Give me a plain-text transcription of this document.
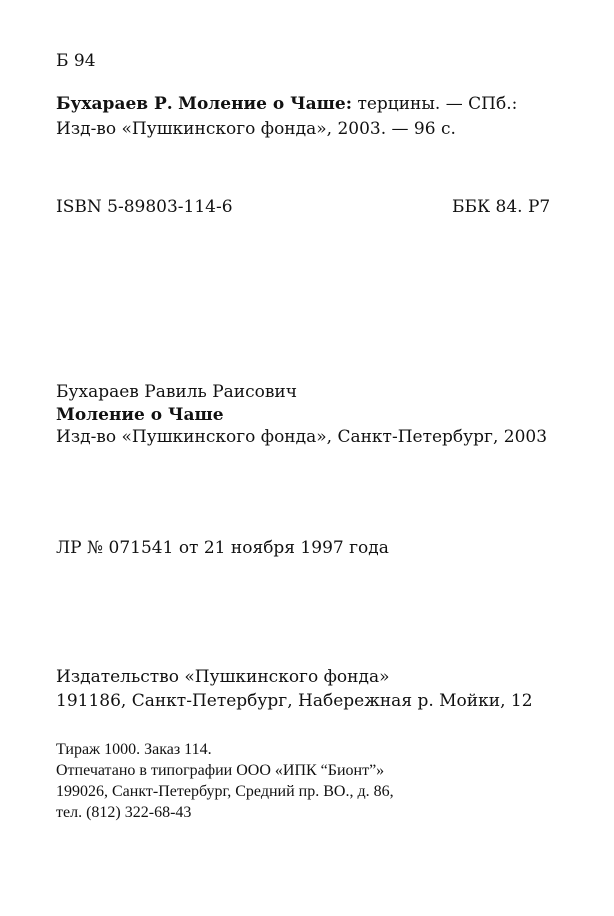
Б 94
Бухараев Р. Моление о Чаше: терцины. — СПб.:
Изд-во «Пушкинского фонда», 2003. — 96 с.
ISBN 5-89803-114-6	ББК 84. Р7
Бухараев Равиль Раисович
Моление о Чаше
Изд-во «Пушкинского фонда», Санкт-Петербург, 2003
ЛР № 071541 от 21 ноября 1997 года
Издательство «Пушкинского фонда»
191186, Санкт-Петербург, Набережная р. Мойки, 12
Тираж 1000. Заказ 114.
Отпечатано в типографии ООО «ИПК “Бионт”»
199026, Санкт-Петербург, Средний пр. ВО., д. 86,
тел. (812) 322-68-43
